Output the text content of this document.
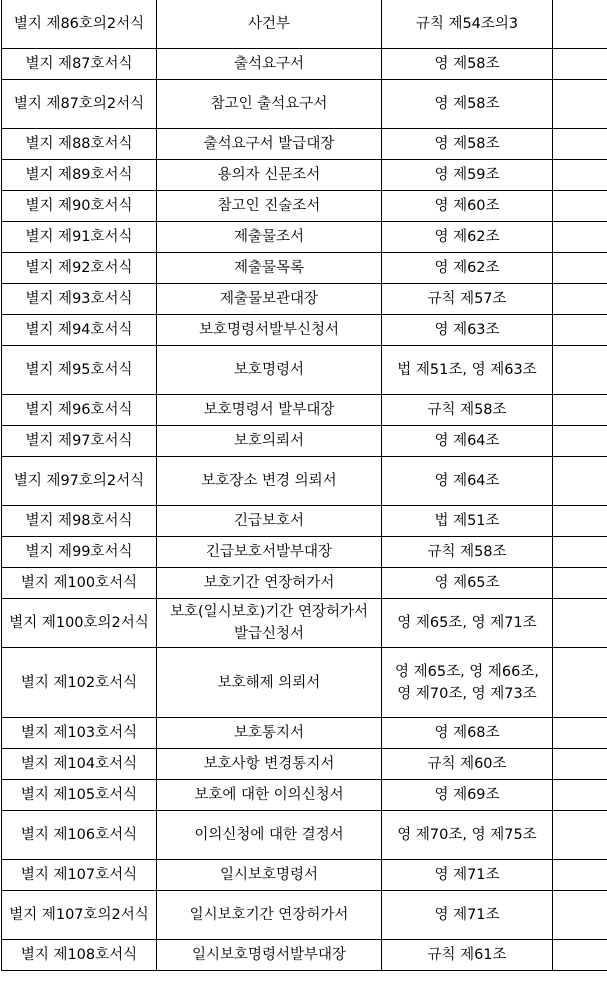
별지 제86호의2서식	사건부	규칙 제54조의3	
별지 제87호서식	출석요구서	영 제58조	
별지 제87호의2서식	참고인 출석요구서	영 제58조	
별지 제88호서식	출석요구서 발급대장	영 제58조	
별지 제89호서식	용의자 신문조서	영 제59조	
별지 제90호서식	참고인 진술조서	영 제60조	
별지 제91호서식	제출물조서	영 제62조	
별지 제92호서식	제출물목록	영 제62조	
별지 제93호서식	제출물보관대장	규칙 제57조	
별지 제94호서식	보호명령서발부신청서	영 제63조	
별지 제95호서식	보호명령서	법 제51조, 영 제63조	
별지 제96호서식	보호명령서 발부대장	규칙 제58조	
별지 제97호서식	보호의뢰서	영 제64조	
별지 제97호의2서식	보호장소 변경 의뢰서	영 제64조	
별지 제98호서식	긴급보호서	법 제51조	
별지 제99호서식	긴급보호서발부대장	규칙 제58조	
별지 제100호서식	보호기간 연장허가서	영 제65조	
별지 제100호의2서식	보호(일시보호)기간 연장허가서 발급신청서	영 제65조, 영 제71조	
별지 제102호서식	보호해제 의뢰서	영 제65조, 영 제66조, 영 제70조, 영 제73조	
별지 제103호서식	보호통지서	영 제68조	
별지 제104호서식	보호사항 변경통지서	규칙 제60조	
별지 제105호서식	보호에 대한 이의신청서	영 제69조	
별지 제106호서식	이의신청에 대한 결정서	영 제70조, 영 제75조	
별지 제107호서식	일시보호명령서	영 제71조	
별지 제107호의2서식	일시보호기간 연장허가서	영 제71조	
별지 제108호서식	일시보호명령서발부대장	규칙 제61조	
